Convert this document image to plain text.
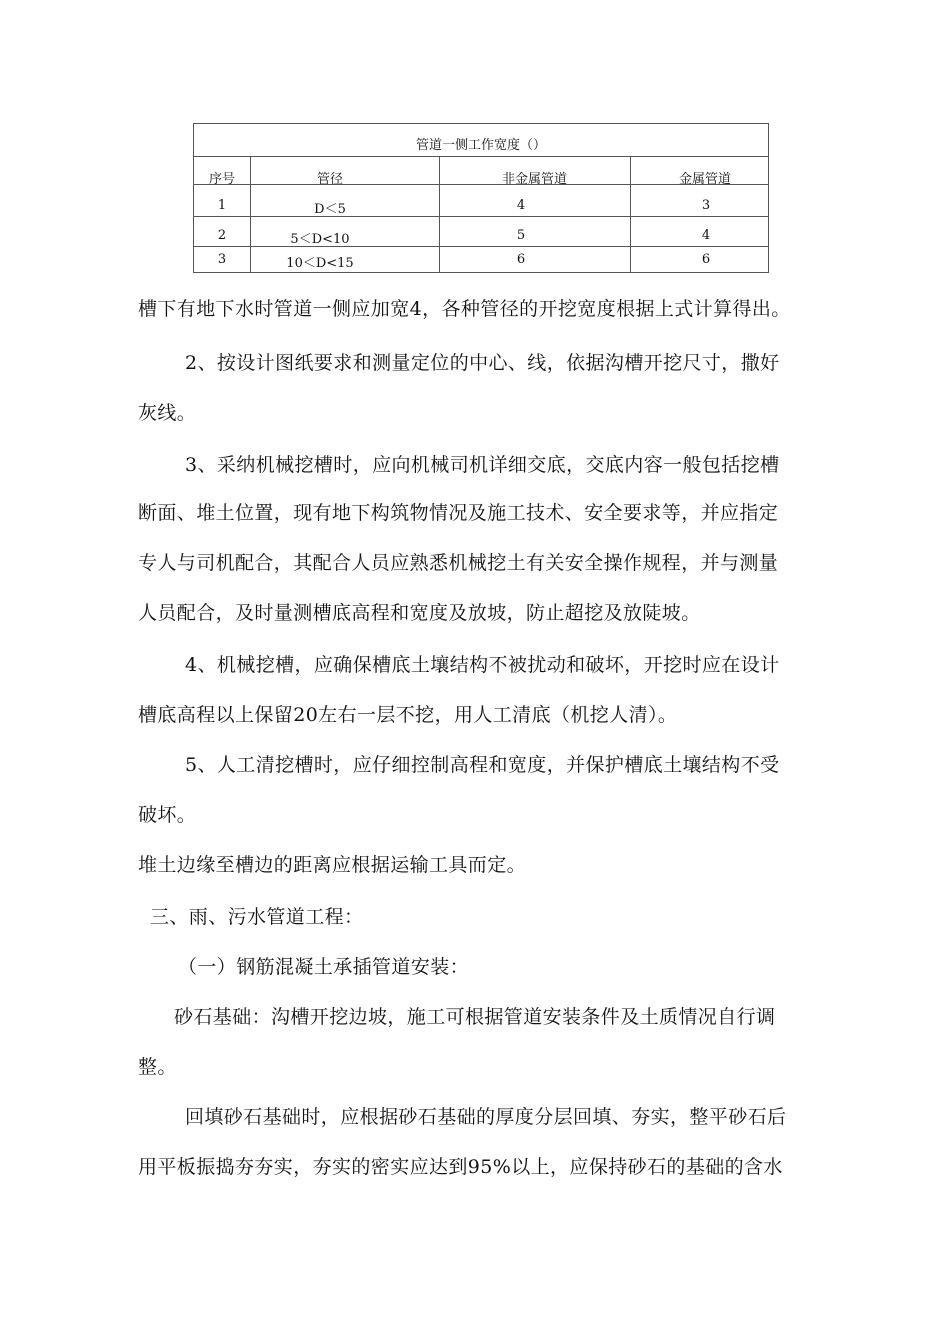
管道一侧工作宽度（）
序号	管径	非金属管道	金属管道
1	D＜5	4	3
2	5＜D<10	5	4
3	10＜D<15	6	6
槽下有地下水时管道一侧应加宽4，各种管径的开挖宽度根据上式计算得出。
2、按设计图纸要求和测量定位的中心、线，依据沟槽开挖尺寸，撒好
灰线。
3、采纳机械挖槽时，应向机械司机详细交底，交底内容一般包括挖槽
断面、堆土位置，现有地下构筑物情况及施工技术、安全要求等，并应指定
专人与司机配合，其配合人员应熟悉机械挖土有关安全操作规程，并与测量
人员配合，及时量测槽底高程和宽度及放坡，防止超挖及放陡坡。
4、机械挖槽，应确保槽底土壤结构不被扰动和破坏，开挖时应在设计
槽底高程以上保留20左右一层不挖，用人工清底（机挖人清）。
5、人工清挖槽时，应仔细控制高程和宽度，并保护槽底土壤结构不受
破坏。
堆土边缘至槽边的距离应根据运输工具而定。
三、雨、污水管道工程：
（一）钢筋混凝土承插管道安装：
砂石基础：沟槽开挖边坡，施工可根据管道安装条件及土质情况自行调
整。
回填砂石基础时，应根据砂石基础的厚度分层回填、夯实，整平砂石后
用平板振捣夯夯实，夯实的密实应达到95%以上，应保持砂石的基础的含水
